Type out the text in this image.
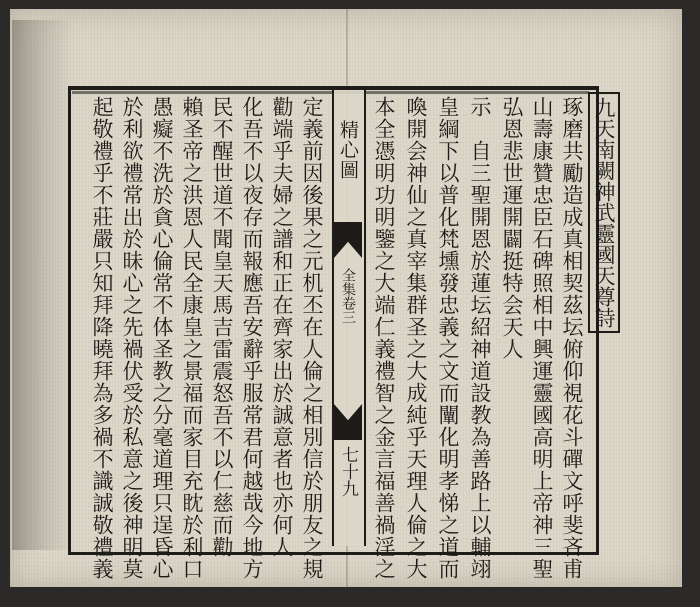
九天南闕神武靈國天尊詩
琢磨共勵造成真相契茲坛俯仰視花斗磾文呼斐吝甫
山壽康贊忠臣石碑照相中興運靈國高明上帝神三聖
弘恩悲世運開闢挺特会天人
示　自三聖開恩於蓮坛紹神道設教為善路上以輔翊
皇綱下以普化梵壎發忠義之文而闡化明孝悌之道而
喚開会神仙之真宰集群圣之大成純乎天理人倫之大
本全憑明功明鑒之大端仁義禮智之金言福善禍淫之
精心圖
全集卷三
七十九
定義前因後果之元机丕在人倫之相別信於朋友之規
勸端乎夫婦之譜和正在齊家出於誠意者也亦何人
化吾不以夜存而報應吾安辭乎服常君何越哉今地方
民不醒世道不聞皇天馬吉雷震怒吾不以仁慈而勸
賴圣帝之洪恩人民全康皇之景福而家目充眈於利口
愚癡不洗於貪心倫常不体圣教之分毫道理只逞昏心
於利欲禮常出於昧心之先禍伏受於私意之後神明莫
起敬禮乎不莊嚴只知拜降曉拜為多禍不識誠敬禮義
